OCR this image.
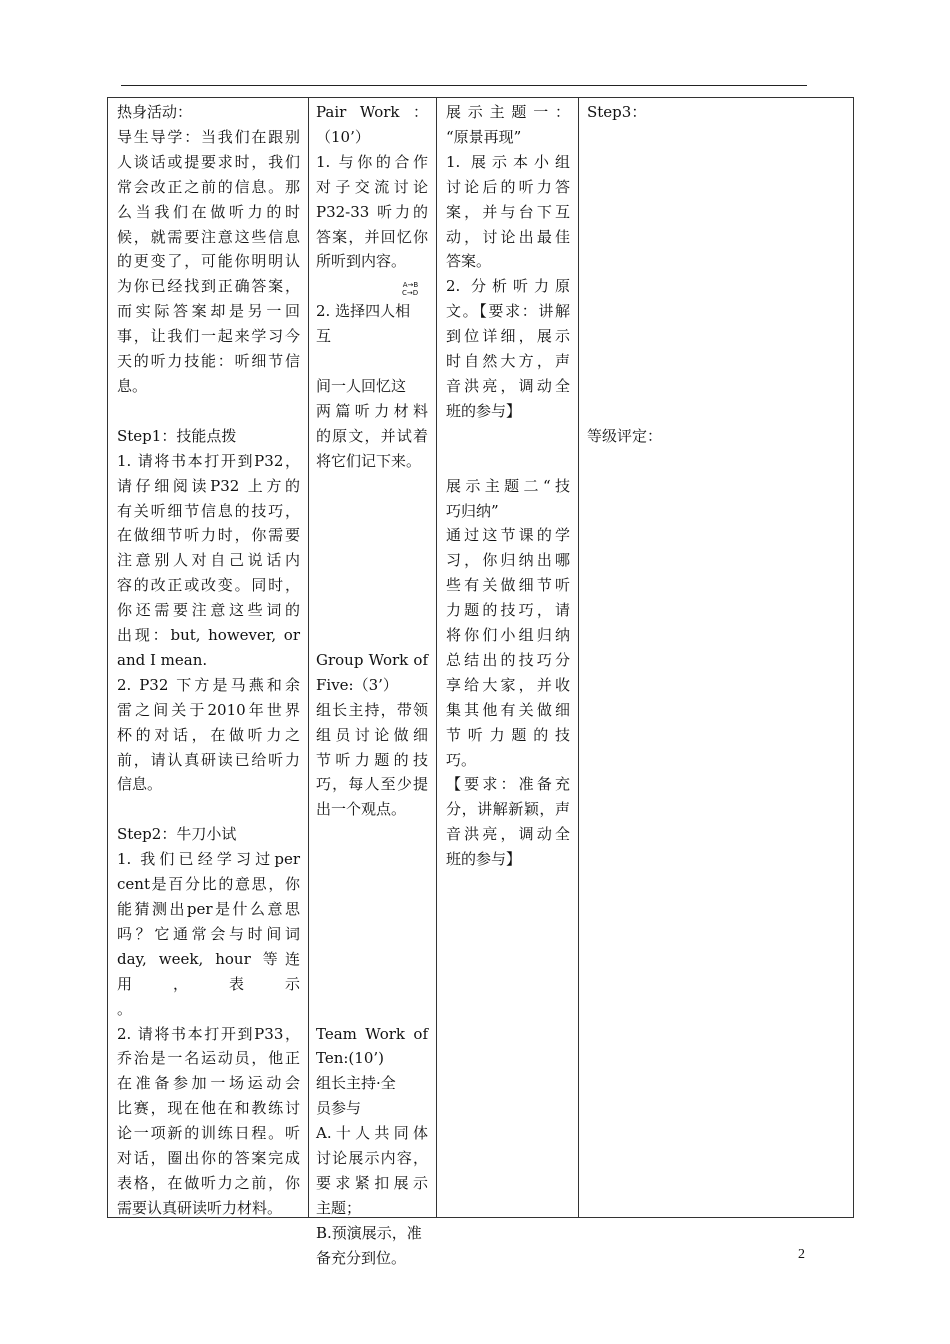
热身活动：

导生导学：当我们在跟别

人谈话或提要求时，我们

常会改正之前的信息。那

么当我们在做听力的时

候，就需要注意这些信息

的更变了，可能你明明认

为你已经找到正确答案，

而实际答案却是另一回

事，让我们一起来学习今

天的听力技能：听细节信

息。

Step1：技能点拨

1. 请将书本打开到P32，

请仔细阅读P32 上方的

有关听细节信息的技巧，

在做细节听力时，你需要

注意别人对自己说话内

容的改正或改变。同时，

你还需要注意这些词的

出现：but, however, or

and I mean.

2. P32 下方是马燕和余

雷之间关于2010年世界

杯的对话，在做听力之

前，请认真研读已给听力

信息。

Step2：牛刀小试

1. 我们已经学习过per

cent是百分比的意思，你

能猜测出per是什么意思

吗？它通常会与时间词

day, week, hour 等连

用 ， 表 示

。

2. 请将书本打开到P33，

乔治是一名运动员，他正

在准备参加一场运动会

比赛，现在他在和教练讨

论一项新的训练日程。听

对话，圈出你的答案完成

表格，在做听力之前，你

需要认真研读听力材料。

Pair Work ：

（10’）

1. 与你的合作

对子交流讨论

P32-33 听力的

答案，并回忆你

所听到内容。

2. 选择四人相

互

间一人回忆这

两篇听力材料

的原文，并试着

将它们记下来。

Group Work of

Five:（3’）

组长主持，带领

组员讨论做细

节听力题的技

巧，每人至少提

出一个观点。

Team Work of

Ten:(10’)

组长主持·全

员参与

A.十人共同体

讨论展示内容，

要求紧扣展示

主题；

B.预演展示，准

备充分到位。

展示主题一：

“原景再现”

1. 展示本小组

讨论后的听力答

案，并与台下互

动，讨论出最佳

答案。

2. 分析听力原

文。【要求：讲解

到位详细，展示

时自然大方，声

音洪亮，调动全

班的参与】

展示主题二“技

巧归纳”

通过这节课的学

习，你归纳出哪

些有关做细节听

力题的技巧，请

将你们小组归纳

总结出的技巧分

享给大家，并收

集其他有关做细

节听力题的技

巧。

【要求：准备充

分，讲解新颖，声

音洪亮，调动全

班的参与】

Step3：

等级评定：

A→B
C→D
2
